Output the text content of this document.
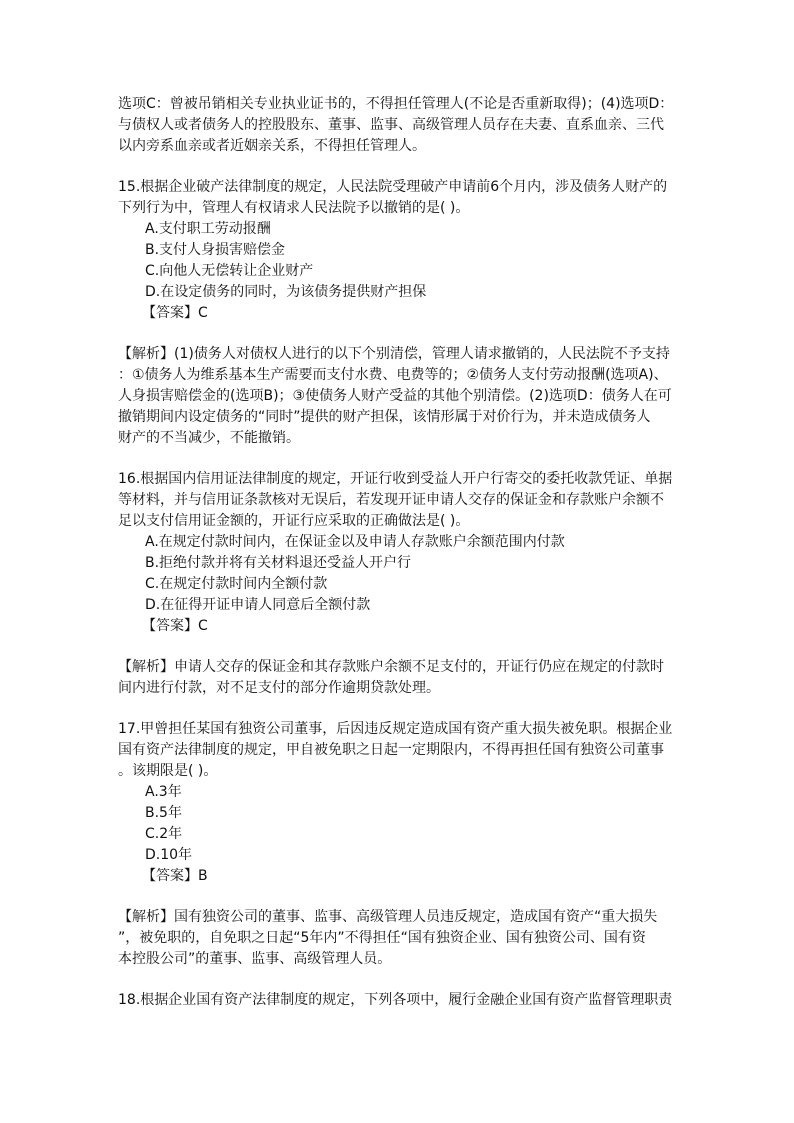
选项C：曾被吊销相关专业执业证书的，不得担任管理人(不论是否重新取得)；(4)选项D：
与债权人或者债务人的控股股东、董事、监事、高级管理人员存在夫妻、直系血亲、三代
以内旁系血亲或者近姻亲关系，不得担任管理人。
15.根据企业破产法律制度的规定，人民法院受理破产申请前6个月内，涉及债务人财产的
下列行为中，管理人有权请求人民法院予以撤销的是( )。
A.支付职工劳动报酬
B.支付人身损害赔偿金
C.向他人无偿转让企业财产
D.在设定债务的同时，为该债务提供财产担保
【答案】C
【解析】(1)债务人对债权人进行的以下个别清偿，管理人请求撤销的，人民法院不予支持
：①债务人为维系基本生产需要而支付水费、电费等的；②债务人支付劳动报酬(选项A)、
人身损害赔偿金的(选项B)；③使债务人财产受益的其他个别清偿。(2)选项D：债务人在可
撤销期间内设定债务的“同时”提供的财产担保，该情形属于对价行为，并未造成债务人
财产的不当减少，不能撤销。
16.根据国内信用证法律制度的规定，开证行收到受益人开户行寄交的委托收款凭证、单据
等材料，并与信用证条款核对无误后，若发现开证申请人交存的保证金和存款账户余额不
足以支付信用证金额的，开证行应采取的正确做法是( )。
A.在规定付款时间内，在保证金以及申请人存款账户余额范围内付款
B.拒绝付款并将有关材料退还受益人开户行
C.在规定付款时间内全额付款
D.在征得开证申请人同意后全额付款
【答案】C
【解析】申请人交存的保证金和其存款账户余额不足支付的，开证行仍应在规定的付款时
间内进行付款，对不足支付的部分作逾期贷款处理。
17.甲曾担任某国有独资公司董事，后因违反规定造成国有资产重大损失被免职。根据企业
国有资产法律制度的规定，甲自被免职之日起一定期限内，不得再担任国有独资公司董事
。该期限是( )。
A.3年
B.5年
C.2年
D.10年
【答案】B
【解析】国有独资公司的董事、监事、高级管理人员违反规定，造成国有资产“重大损失
”，被免职的，自免职之日起“5年内”不得担任“国有独资企业、国有独资公司、国有资
本控股公司”的董事、监事、高级管理人员。
18.根据企业国有资产法律制度的规定，下列各项中，履行金融企业国有资产监督管理职责
